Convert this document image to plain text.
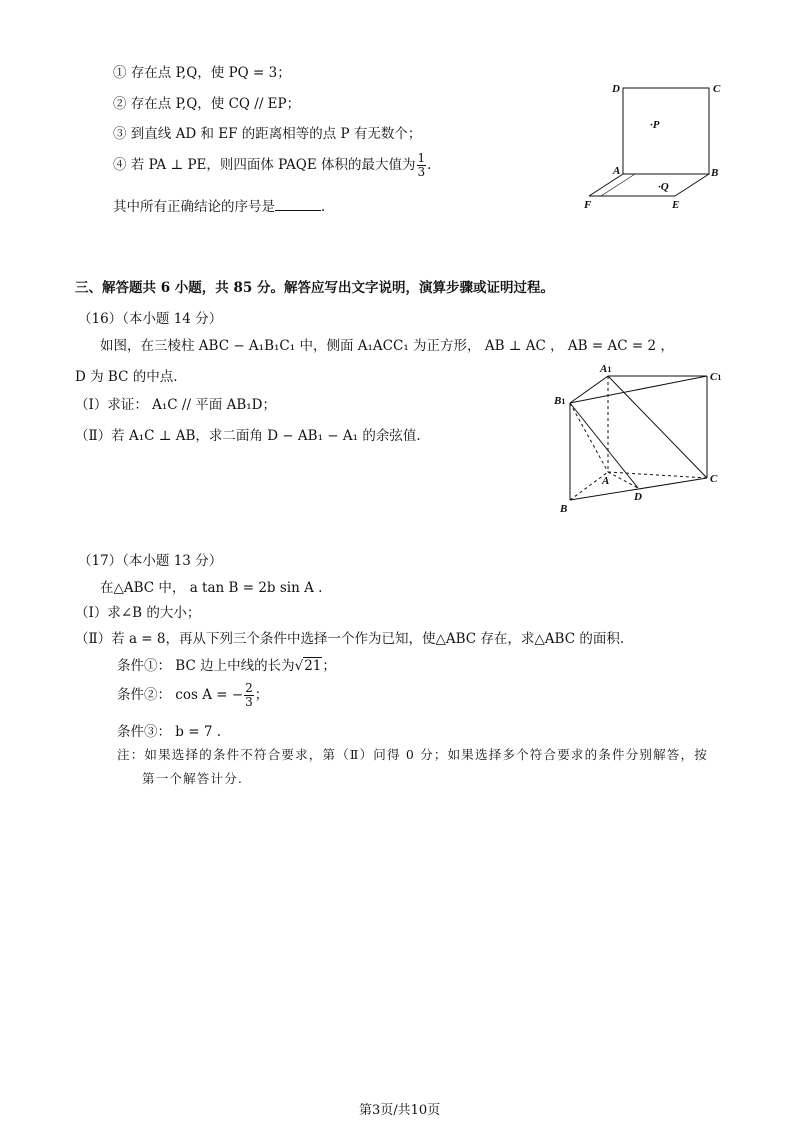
① 存在点 P,Q，使 PQ = 3；
② 存在点 P,Q，使 CQ // EP；
③ 到直线 AD 和 EF 的距离相等的点 P 有无数个；
④ 若 PA ⊥ PE，则四面体 PAQE 体积的最大值为 $\frac{1}{3}$ .
其中所有正确结论的序号是	.
D	C
A	B
F	E
·P
·Q
三、解答题共 6 小题，共 85 分。解答应写出文字说明，演算步骤或证明过程。
（16）（本小题 14 分）
如图，在三棱柱 ABC − A₁B₁C₁ 中，侧面 A₁ACC₁ 为正方形， AB ⊥ AC ， AB = AC = 2 ，
D 为 BC 的中点.
（Ⅰ）求证： A₁C // 平面 AB₁D；
（Ⅱ）若 A₁C ⊥ AB，求二面角 D − AB₁ − A₁ 的余弦值.
A1
C1
B1
A
D
C
B
（17）（本小题 13 分）
在△ABC 中， a tan B = 2b sin A .
（Ⅰ）求∠B 的大小；
（Ⅱ）若 a = 8，再从下列三个条件中选择一个作为已知，使△ABC 存在，求△ABC 的面积.
条件①： BC 边上中线的长为√21；
条件②： cos A = − $\frac{2}{3}$ ；
条件③： b = 7 .
注：如果选择的条件不符合要求，第（Ⅱ）问得 0 分；如果选择多个符合要求的条件分别解答，按
第一个解答计分.
第3页/共10页
